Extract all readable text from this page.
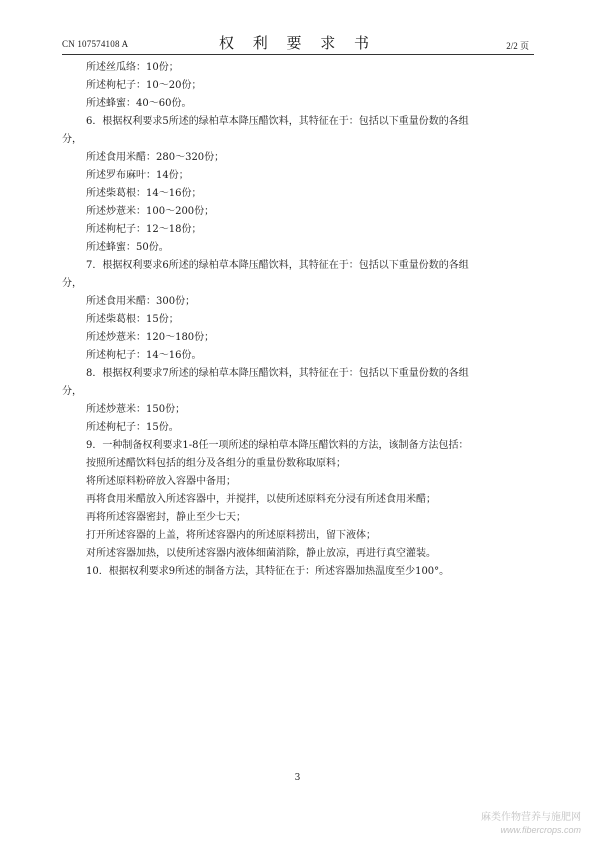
CN 107574108 A	权 利 要 求 书	2/2 页
所述丝瓜络：10份；
所述枸杞子：10～20份；
所述蜂蜜：40～60份。
6．根据权利要求5所述的绿柏草本降压醋饮料，其特征在于：包括以下重量份数的各组
分，
所述食用米醋：280～320份；
所述罗布麻叶：14份；
所述柴葛根：14～16份；
所述炒薏米：100～200份；
所述枸杞子：12～18份；
所述蜂蜜：50份。
7．根据权利要求6所述的绿柏草本降压醋饮料，其特征在于：包括以下重量份数的各组
分，
所述食用米醋：300份；
所述柴葛根：15份；
所述炒薏米：120～180份；
所述枸杞子：14～16份。
8．根据权利要求7所述的绿柏草本降压醋饮料，其特征在于：包括以下重量份数的各组
分，
所述炒薏米：150份；
所述枸杞子：15份。
9．一种制备权利要求1-8任一项所述的绿柏草本降压醋饮料的方法，该制备方法包括：
按照所述醋饮料包括的组分及各组分的重量份数称取原料；
将所述原料粉碎放入容器中备用；
再将食用米醋放入所述容器中，并搅拌，以使所述原料充分浸有所述食用米醋；
再将所述容器密封，静止至少七天；
打开所述容器的上盖，将所述容器内的所述原料捞出，留下液体；
对所述容器加热，以使所述容器内液体细菌消除，静止放凉，再进行真空灌装。
10．根据权利要求9所述的制备方法，其特征在于：所述容器加热温度至少100°。
3
麻类作物营养与施肥网
www.fibercrops.com
